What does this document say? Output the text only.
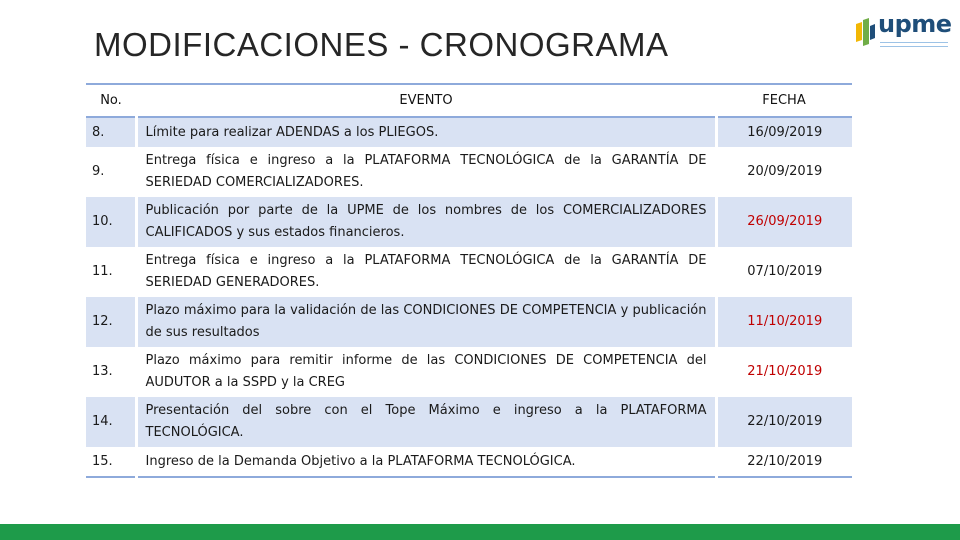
MODIFICACIONES - CRONOGRAMA
upme
No.	EVENTO	FECHA
8.	Límite para realizar ADENDAS a los PLIEGOS.	16/09/2019
9.	Entrega física e ingreso a la PLATAFORMA TECNOLÓGICA de la GARANTÍA DE SERIEDAD COMERCIALIZADORES.	20/09/2019
10.	Publicación por parte de la UPME de los nombres de los COMERCIALIZADORES CALIFICADOS y sus estados financieros.	26/09/2019
11.	Entrega física e ingreso a la PLATAFORMA TECNOLÓGICA de la GARANTÍA DE SERIEDAD GENERADORES.	07/10/2019
12.	Plazo máximo para la validación de las CONDICIONES DE COMPETENCIA y publicación de sus resultados	11/10/2019
13.	Plazo máximo para remitir informe de las CONDICIONES DE COMPETENCIA del AUDUTOR a la SSPD y la CREG	21/10/2019
14.	Presentación del sobre con el Tope Máximo e ingreso a la PLATAFORMA TECNOLÓGICA.	22/10/2019
15.	Ingreso de la Demanda Objetivo a la PLATAFORMA TECNOLÓGICA.	22/10/2019
